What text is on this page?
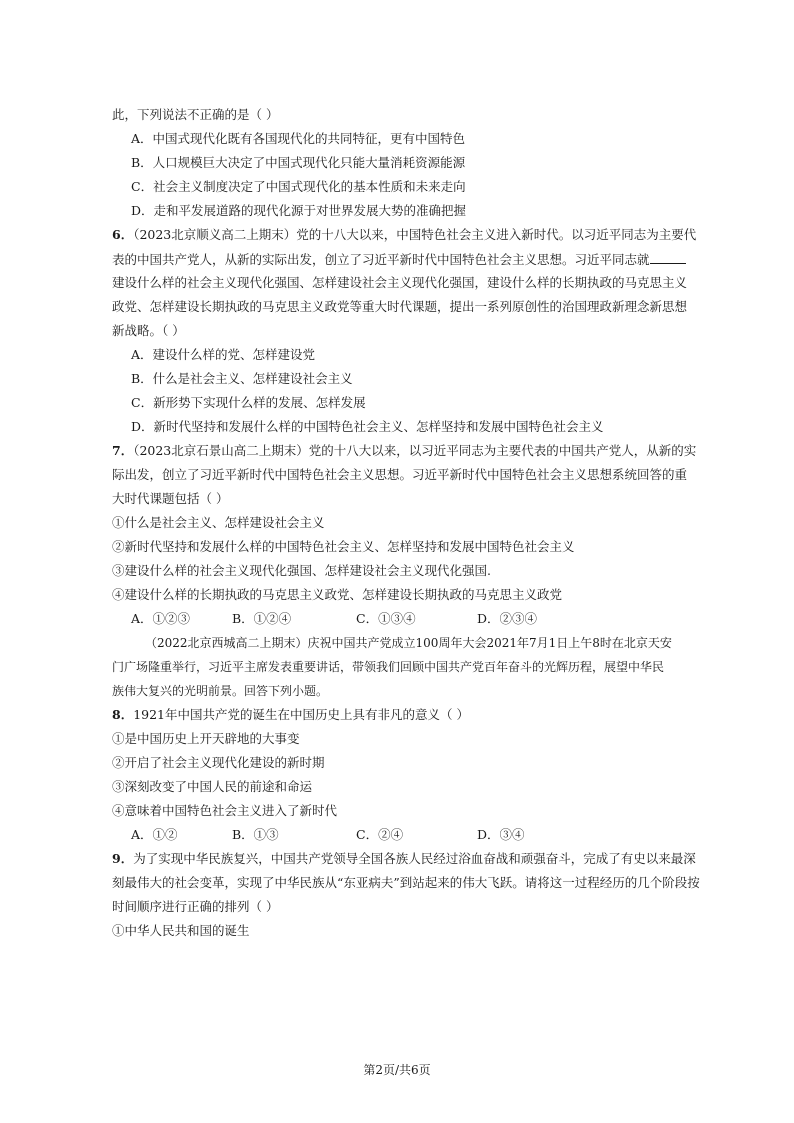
此，下列说法不正确的是（ ）
A．中国式现代化既有各国现代化的共同特征，更有中国特色
B．人口规模巨大决定了中国式现代化只能大量消耗资源能源
C．社会主义制度决定了中国式现代化的基本性质和未来走向
D．走和平发展道路的现代化源于对世界发展大势的准确把握
6．（2023北京顺义高二上期末）党的十八大以来，中国特色社会主义进入新时代。以习近平同志为主要代
表的中国共产党人，从新的实际出发，创立了习近平新时代中国特色社会主义思想。习近平同志就
建设什么样的社会主义现代化强国、怎样建设社会主义现代化强国，建设什么样的长期执政的马克思主义
政党、怎样建设长期执政的马克思主义政党等重大时代课题，提出一系列原创性的治国理政新理念新思想
新战略。（ ）
A．建设什么样的党、怎样建设党
B．什么是社会主义、怎样建设社会主义
C．新形势下实现什么样的发展、怎样发展
D．新时代坚持和发展什么样的中国特色社会主义、怎样坚持和发展中国特色社会主义
7．（2023北京石景山高二上期末）党的十八大以来，以习近平同志为主要代表的中国共产党人，从新的实
际出发，创立了习近平新时代中国特色社会主义思想。习近平新时代中国特色社会主义思想系统回答的重
大时代课题包括（ ）
①什么是社会主义、怎样建设社会主义
②新时代坚持和发展什么样的中国特色社会主义、怎样坚持和发展中国特色社会主义
③建设什么样的社会主义现代化强国、怎样建设社会主义现代化强国.
④建设什么样的长期执政的马克思主义政党、怎样建设长期执政的马克思主义政党
A．①②③	B．①②④	C．①③④	D．②③④
（2022北京西城高二上期末）庆祝中国共产党成立100周年大会2021年7月1日上午8时在北京天安
门广场隆重举行，习近平主席发表重要讲话，带领我们回顾中国共产党百年奋斗的光辉历程，展望中华民
族伟大复兴的光明前景。回答下列小题。
8．1921年中国共产党的诞生在中国历史上具有非凡的意义（ ）
①是中国历史上开天辟地的大事变
②开启了社会主义现代化建设的新时期
③深刻改变了中国人民的前途和命运
④意味着中国特色社会主义进入了新时代
A．①②	B．①③	C．②④	D．③④
9．为了实现中华民族复兴，中国共产党领导全国各族人民经过浴血奋战和顽强奋斗，完成了有史以来最深
刻最伟大的社会变革，实现了中华民族从“东亚病夫”到站起来的伟大飞跃。请将这一过程经历的几个阶段按
时间顺序进行正确的排列（ ）
①中华人民共和国的诞生
第2页/共6页
